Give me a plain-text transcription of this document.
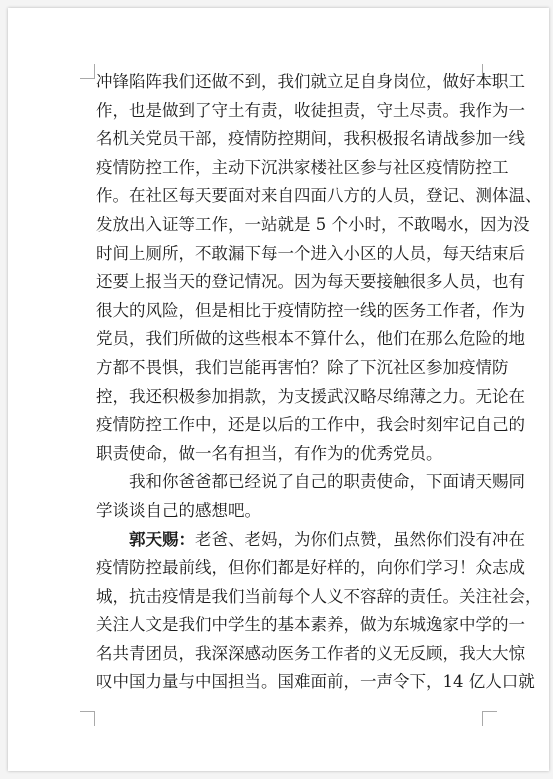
冲锋陷阵我们还做不到，我们就立足自身岗位，做好本职工
作，也是做到了守土有责，收徒担责，守土尽责。我作为一
名机关党员干部，疫情防控期间，我积极报名请战参加一线
疫情防控工作，主动下沉洪家楼社区参与社区疫情防控工
作。在社区每天要面对来自四面八方的人员，登记、测体温、
发放出入证等工作，一站就是 5 个小时，不敢喝水，因为没
时间上厕所，不敢漏下每一个进入小区的人员，每天结束后
还要上报当天的登记情况。因为每天要接触很多人员，也有
很大的风险，但是相比于疫情防控一线的医务工作者，作为
党员，我们所做的这些根本不算什么，他们在那么危险的地
方都不畏惧，我们岂能再害怕？除了下沉社区参加疫情防
控，我还积极参加捐款，为支援武汉略尽绵薄之力。无论在
疫情防控工作中，还是以后的工作中，我会时刻牢记自己的
职责使命，做一名有担当，有作为的优秀党员。
我和你爸爸都已经说了自己的职责使命，下面请天赐同
学谈谈自己的感想吧。
郭天赐：老爸、老妈，为你们点赞，虽然你们没有冲在
疫情防控最前线，但你们都是好样的，向你们学习！众志成
城，抗击疫情是我们当前每个人义不容辞的责任。关注社会，
关注人文是我们中学生的基本素养，做为东城逸家中学的一
名共青团员，我深深感动医务工作者的义无反顾，我大大惊
叹中国力量与中国担当。国难面前，一声令下，14 亿人口就
